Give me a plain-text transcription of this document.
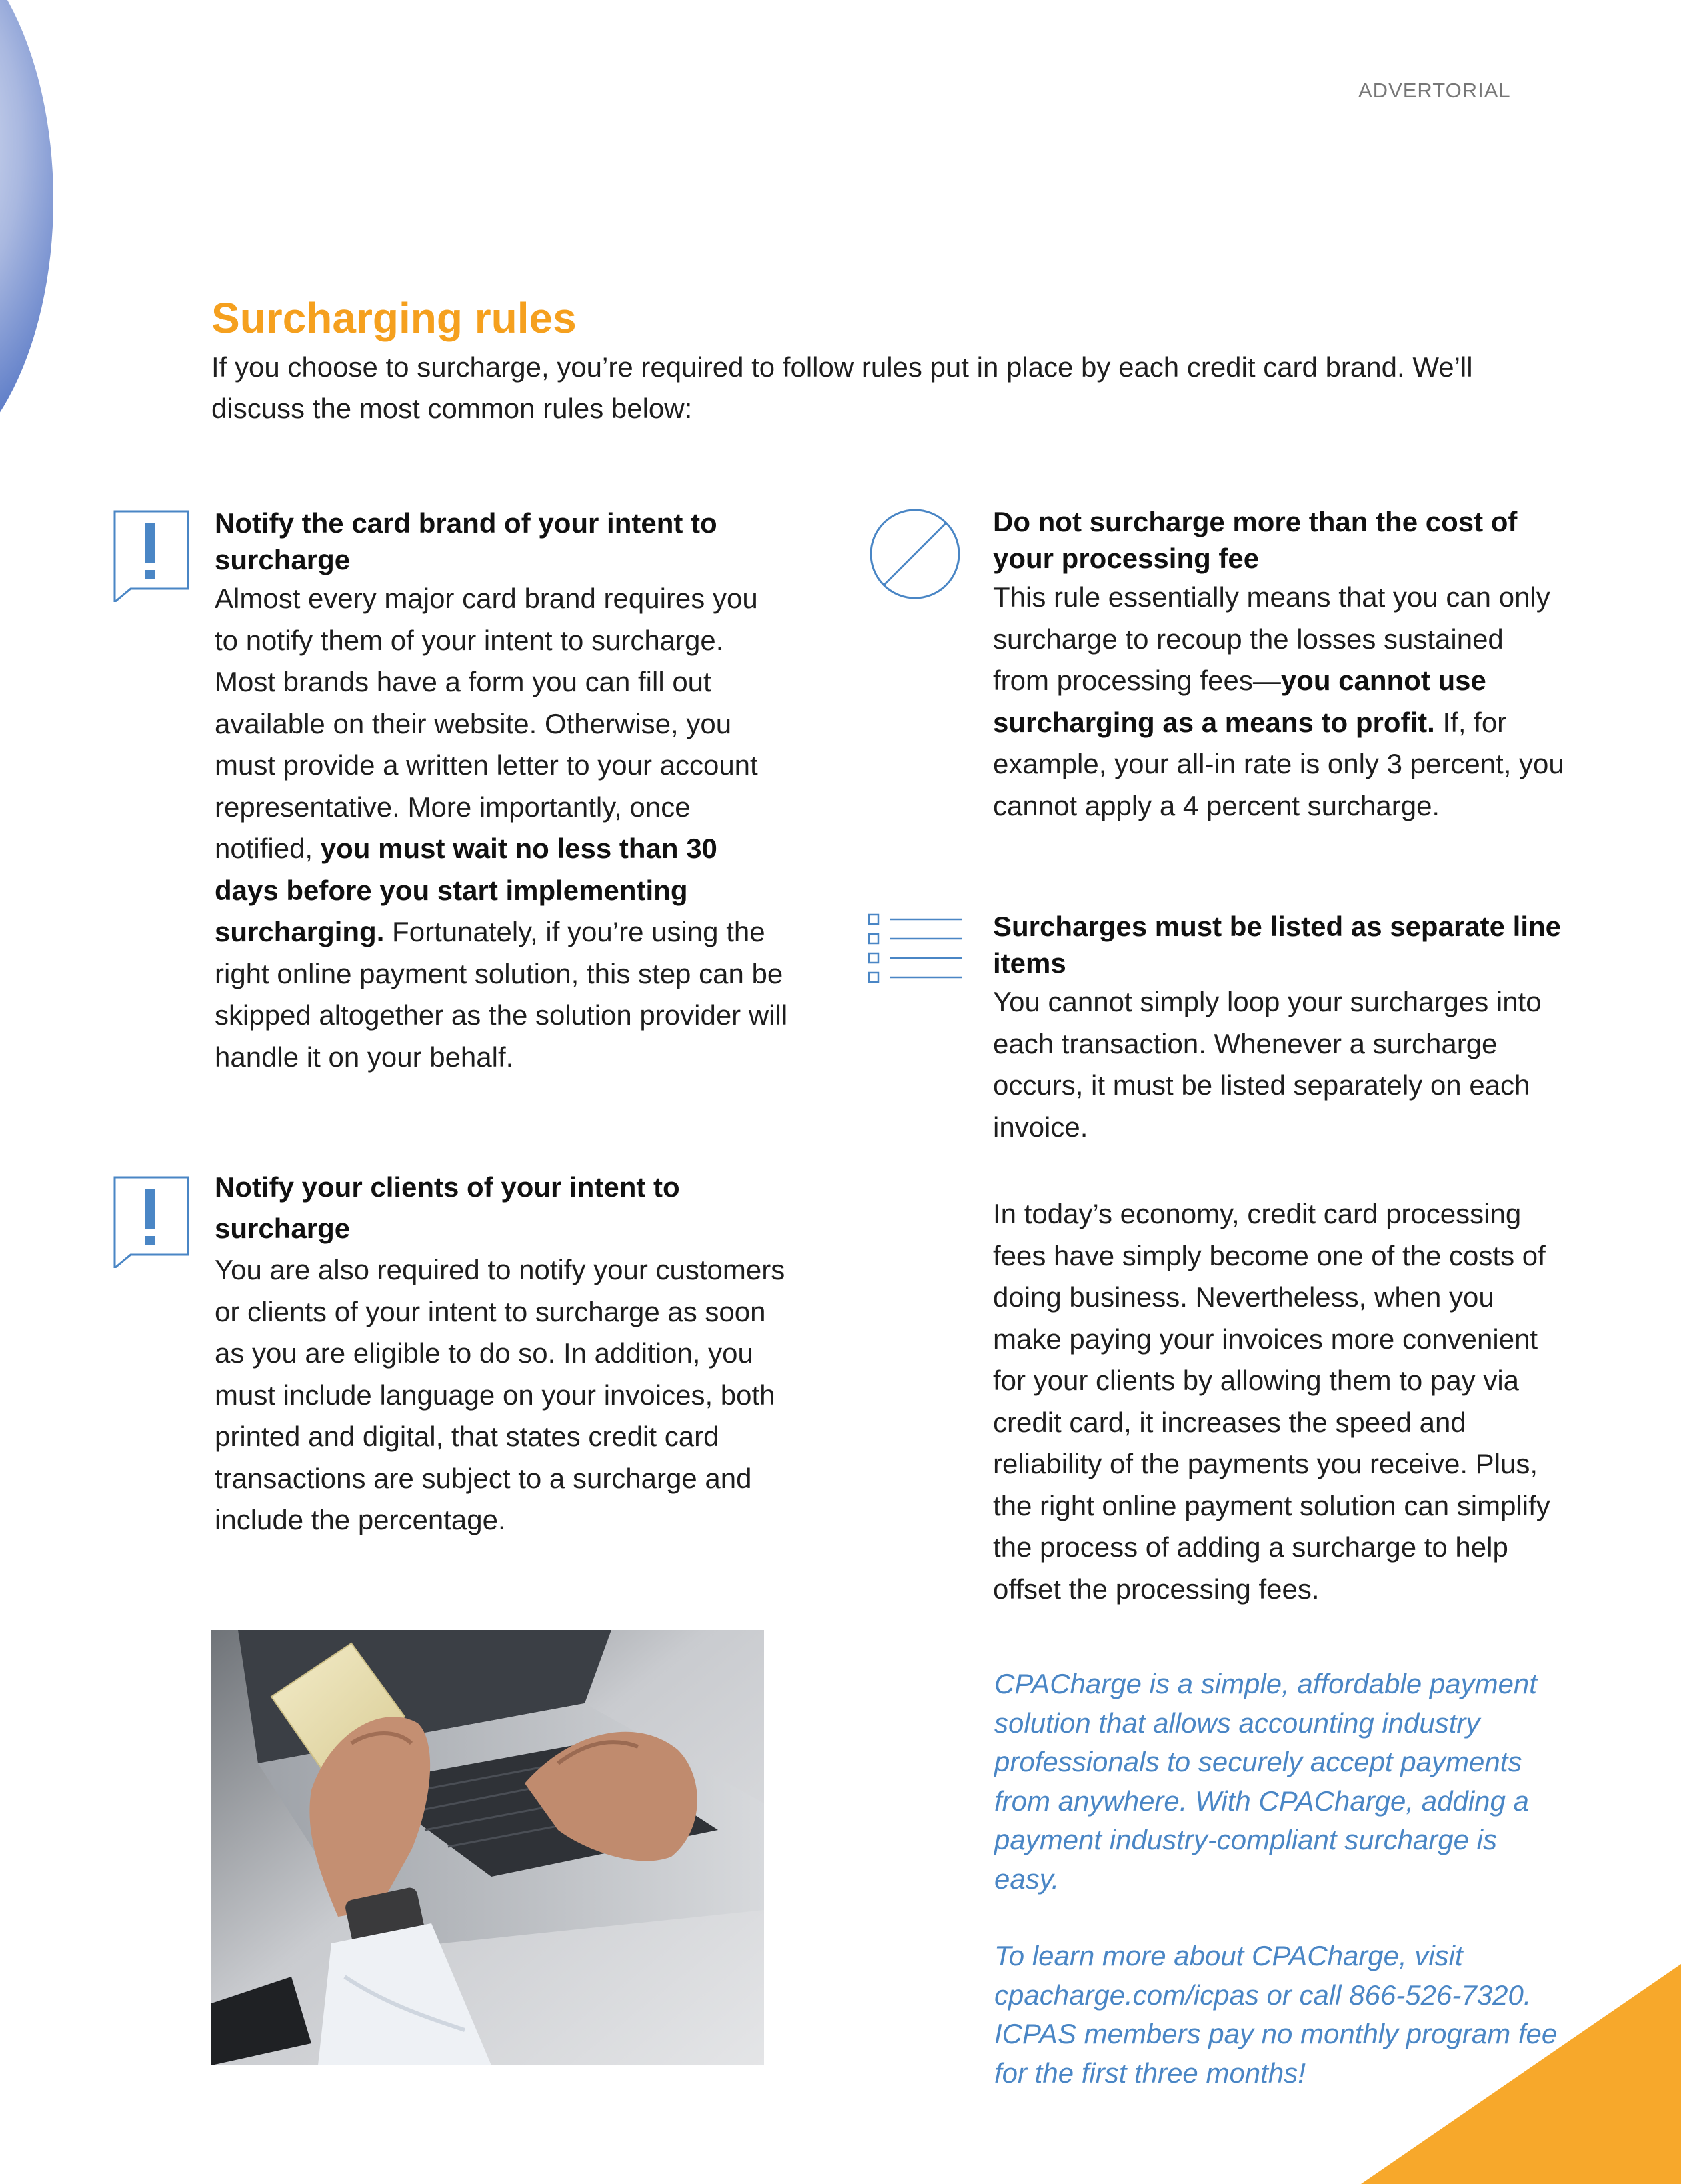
ADVERTORIAL
Surcharging rules
If you choose to surcharge, you’re required to follow rules put in place by each credit card brand. We’ll discuss the most common rules below:
Notify the card brand of your intent to surcharge

Almost every major card brand requires you to notify them of your intent to surcharge. Most brands have a form you can fill out available on their website. Otherwise, you must provide a written letter to your account representative. More importantly, once notified, you must wait no less than 30 days before you start implementing surcharging. Fortunately, if you’re using the right online payment solution, this step can be skipped altogether as the solution provider will handle it on your behalf.

Notify your clients of your intent to surcharge

You are also required to notify your customers or clients of your intent to surcharge as soon as you are eligible to do so. In addition, you must include language on your invoices, both printed and digital, that states credit card transactions are subject to a surcharge and include the percentage.

Do not surcharge more than the cost of your processing fee

This rule essentially means that you can only surcharge to recoup the losses sustained from processing fees—you cannot use surcharging as a means to profit. If, for example, your all-in rate is only 3 percent, you cannot apply a 4 percent surcharge.

Surcharges must be listed as separate line items

You cannot simply loop your surcharges into each transaction. Whenever a surcharge occurs, it must be listed separately on each invoice.

In today’s economy, credit card processing fees have simply become one of the costs of doing business. Nevertheless, when you make paying your invoices more convenient for your clients by allowing them to pay via credit card, it increases the speed and reliability of the payments you receive. Plus, the right online payment solution can simplify the process of adding a surcharge to help offset the processing fees.

CPACharge is a simple, affordable payment solution that allows accounting industry professionals to securely accept payments from anywhere. With CPACharge, adding a payment industry-compliant surcharge is easy.
To learn more about CPACharge, visit cpacharge.com/icpas or call 866-526-7320. ICPAS members pay no monthly program fee for the first three months!
